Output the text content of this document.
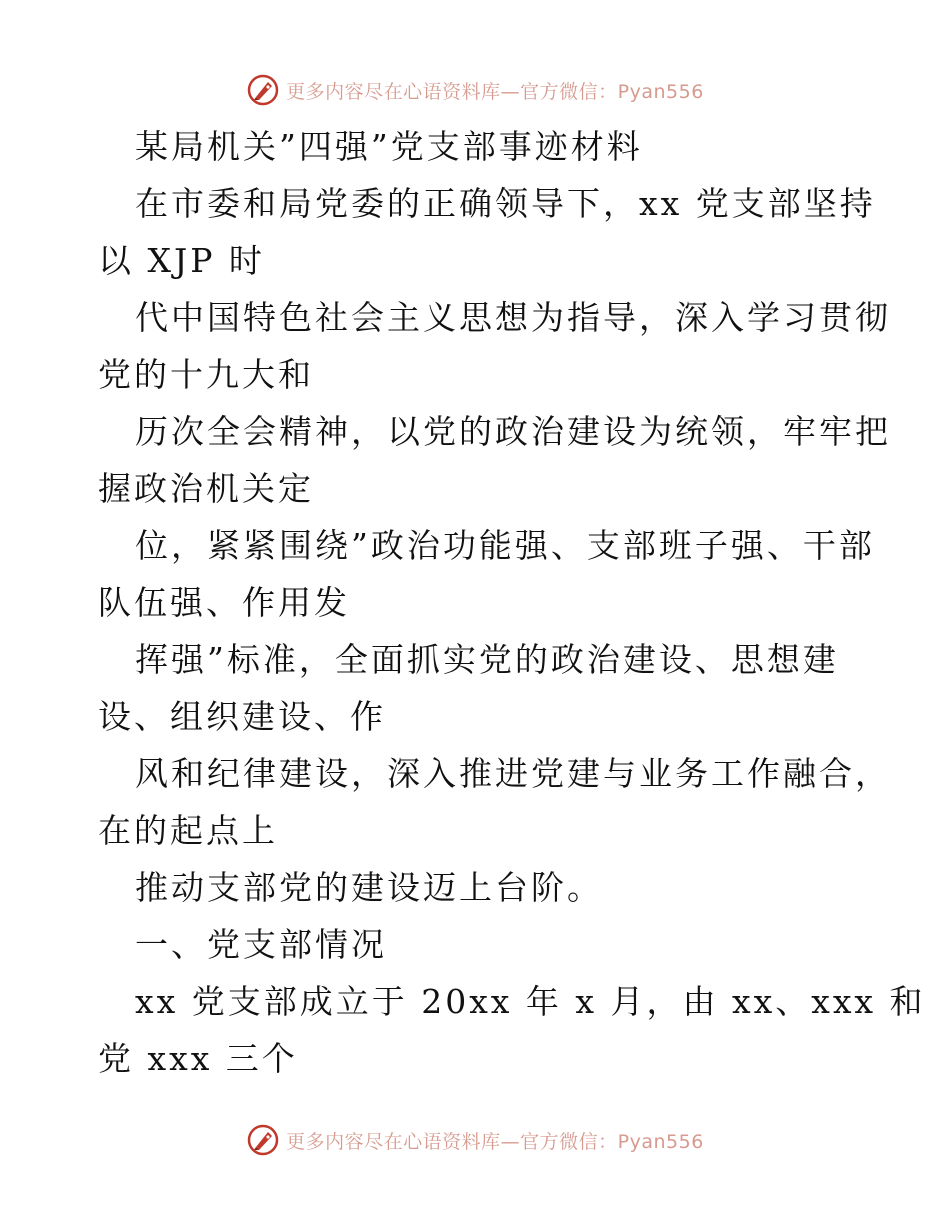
更多内容尽在心语资料库—官方微信：Pyan556
某局机关”四强”党支部事迹材料
在市委和局党委的正确领导下，xx 党支部坚持
以 XJP 时
代中国特色社会主义思想为指导，深入学习贯彻
党的十九大和
历次全会精神，以党的政治建设为统领，牢牢把
握政治机关定
位，紧紧围绕”政治功能强、支部班子强、干部
队伍强、作用发
挥强”标准，全面抓实党的政治建设、思想建
设、组织建设、作
风和纪律建设，深入推进党建与业务工作融合，
在的起点上
推动支部党的建设迈上台阶。
一、党支部情况
xx 党支部成立于 20xx 年 x 月，由 xx、xxx 和
党 xxx 三个
更多内容尽在心语资料库—官方微信：Pyan556
